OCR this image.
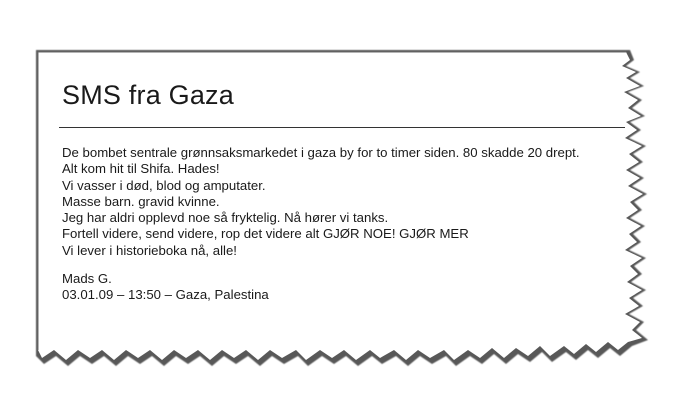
SMS fra Gaza
De bombet sentrale grønnsaksmarkedet i gaza by for to timer siden. 80 skadde 20 drept.
Alt kom hit til Shifa. Hades!
Vi vasser i død, blod og amputater.
Masse barn. gravid kvinne.
Jeg har aldri opplevd noe så fryktelig. Nå hører vi tanks.
Fortell videre, send videre, rop det videre alt GJØR NOE! GJØR MER
Vi lever i historieboka nå, alle!
Mads G.
03.01.09 – 13:50 – Gaza, Palestina
